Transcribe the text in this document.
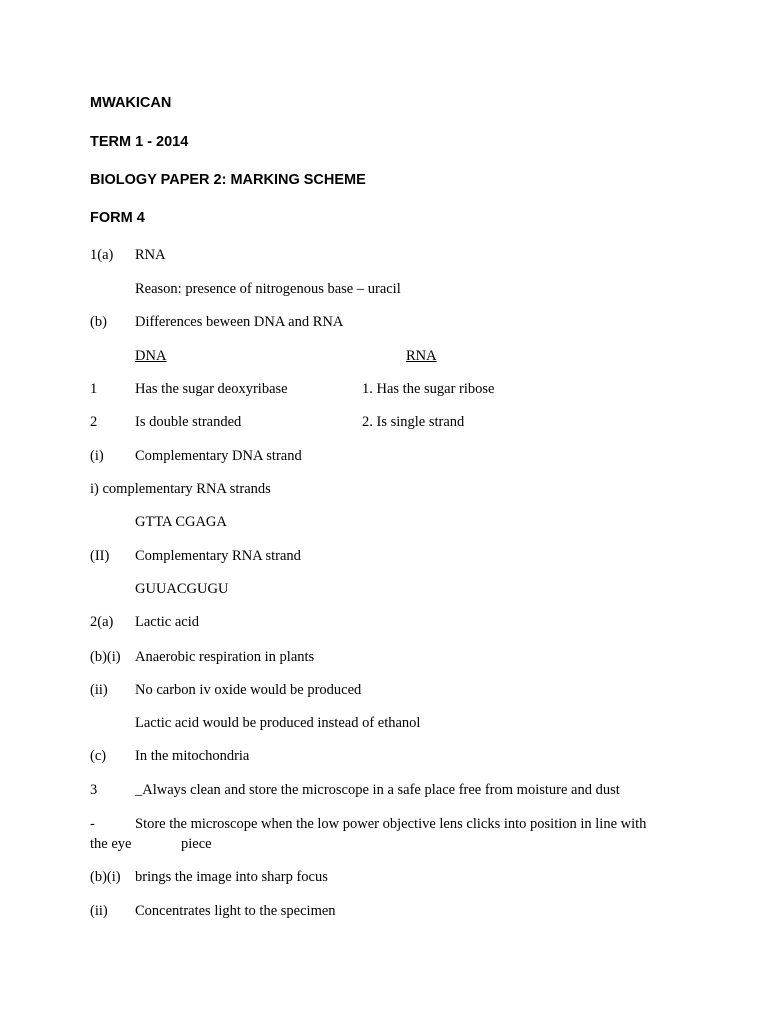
MWAKICAN
TERM 1 - 2014
BIOLOGY PAPER 2: MARKING SCHEME
FORM 4
1(a) RNA
Reason: presence of nitrogenous base – uracil
(b) Differences beween DNA and RNA
DNA	RNA
1	Has the sugar deoxyribase	1. Has the sugar ribose
2	Is double stranded	2. Is single strand
(i) Complementary DNA strand
i) complementary RNA strands
GTTA CGAGA
(II) Complementary RNA strand
GUUACGUGU
2(a) Lactic acid
(b)(i) Anaerobic respiration in plants
(ii) No carbon iv oxide would be produced
Lactic acid would be produced instead of ethanol
(c) In the mitochondria
3	_Always clean and store the microscope in a safe place free from moisture and dust
-	Store the microscope when the low power objective lens clicks into position in line with
the eye	piece
(b)(i) brings the image into sharp focus
(ii) Concentrates light to the specimen
